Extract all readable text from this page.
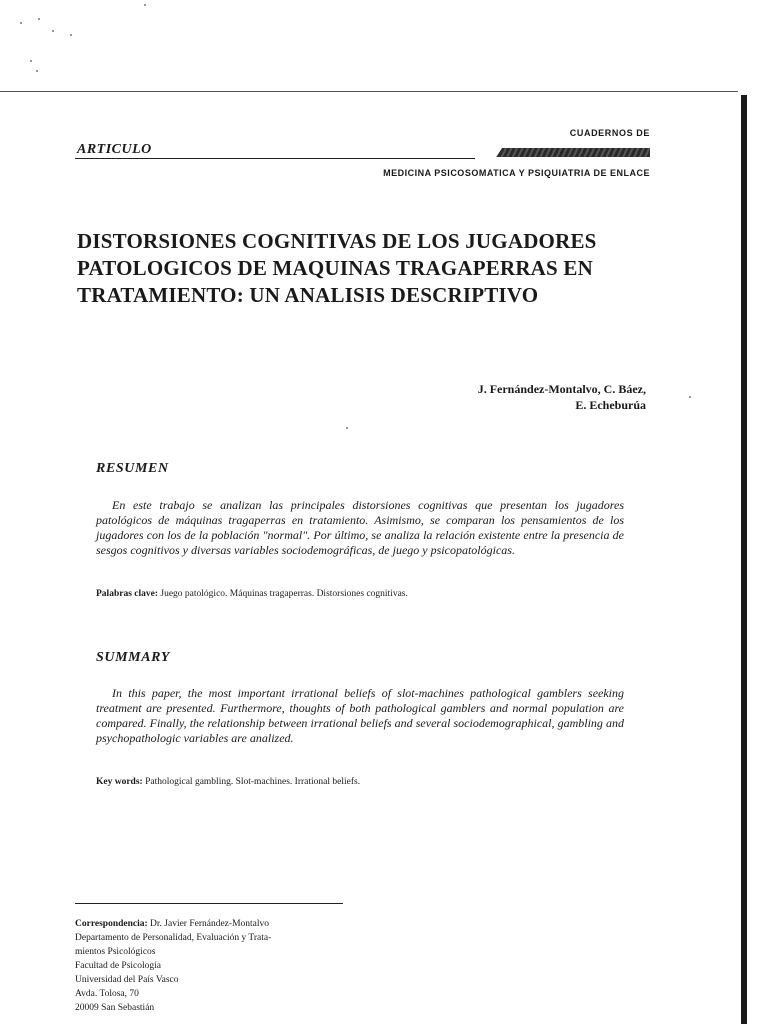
ARTICULO
CUADERNOS DE
MEDICINA PSICOSOMATICA Y PSIQUIATRIA DE ENLACE
DISTORSIONES COGNITIVAS DE LOS JUGADORES
PATOLOGICOS DE MAQUINAS TRAGAPERRAS EN
TRATAMIENTO: UN ANALISIS DESCRIPTIVO
J. Fernández-Montalvo, C. Báez,
E. Echeburúa
RESUMEN
En este trabajo se analizan las principales distorsiones cognitivas que presentan los jugadores patológicos de máquinas tragaperras en tratamiento. Asimismo, se comparan los pensamientos de los jugadores con los de la población "normal". Por último, se analiza la relación existente entre la presencia de sesgos cognitivos y diversas variables sociodemográficas, de juego y psicopatológicas.
Palabras clave: Juego patológico. Máquinas tragaperras. Distorsiones cognitivas.
SUMMARY
In this paper, the most important irrational beliefs of slot-machines pathological gamblers seeking treatment are presented. Furthermore, thoughts of both pathological gamblers and normal population are compared. Finally, the relationship between irrational beliefs and several sociodemographical, gambling and psychopathologic variables are analized.
Key words: Pathological gambling. Slot-machines. Irrational beliefs.
Correspondencia: Dr. Javier Fernández-Montalvo
Departamento de Personalidad, Evaluación y Trata-
mientos Psicológicos
Facultad de Psicología
Universidad del País Vasco
Avda. Tolosa, 70
20009 San Sebastián
